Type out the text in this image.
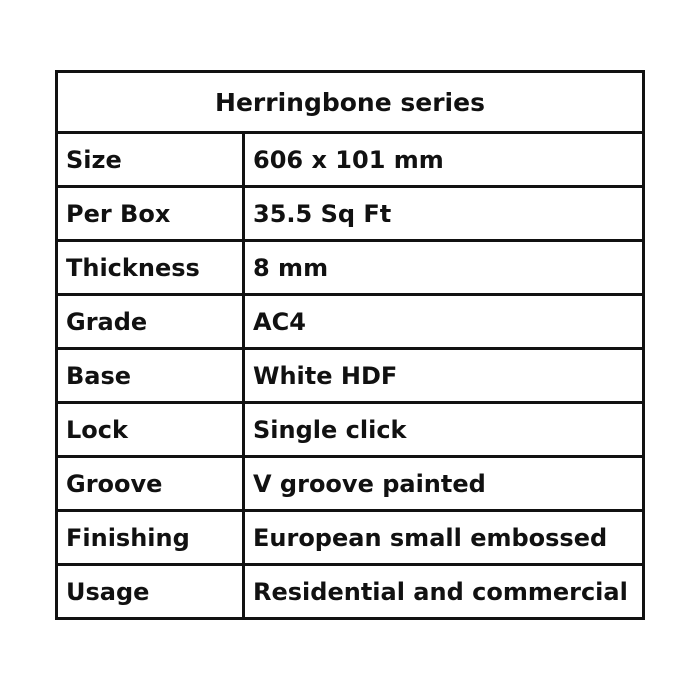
Herringbone series	
Size	606 x 101 mm
Per Box	35.5 Sq Ft
Thickness	8 mm
Grade	AC4
Base	White HDF
Lock	Single click
Groove	V groove painted
Finishing	European small embossed
Usage	Residential and commercial
